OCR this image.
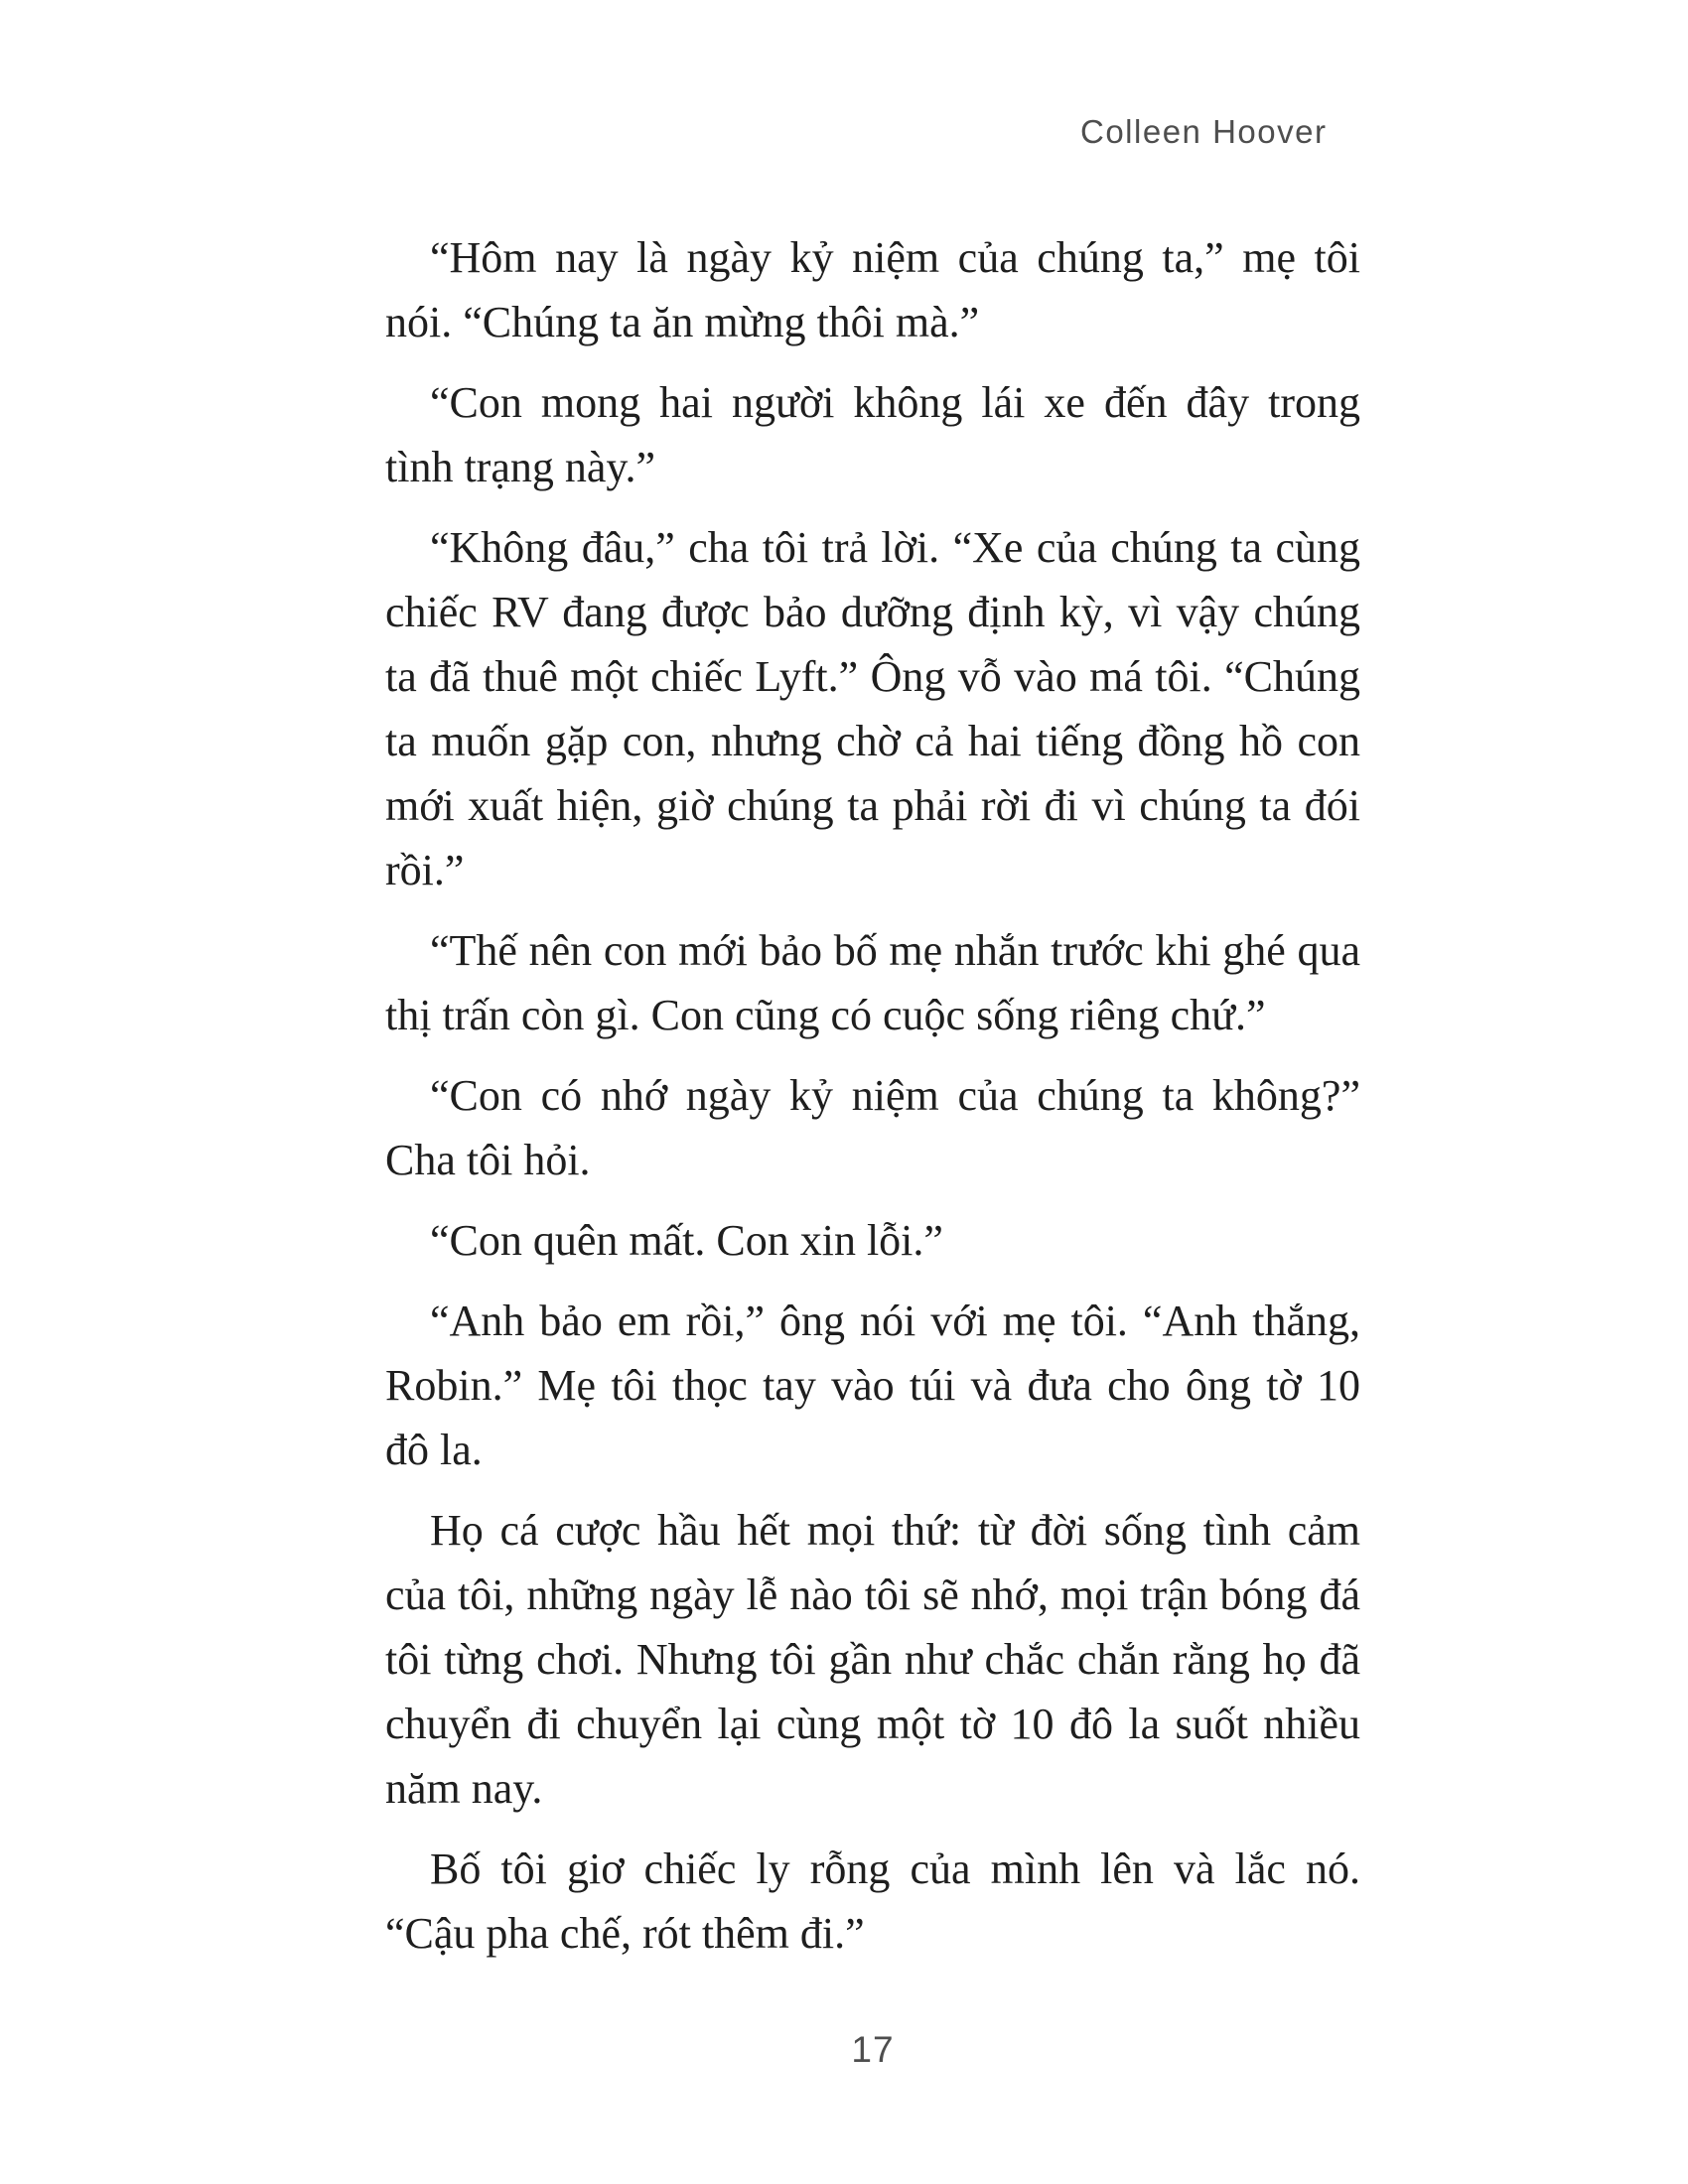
Colleen Hoover

“Hôm nay là ngày kỷ niệm của chúng ta,” mẹ tôi nói. “Chúng ta ăn mừng thôi mà.”

“Con mong hai người không lái xe đến đây trong tình trạng này.”

“Không đâu,” cha tôi trả lời. “Xe của chúng ta cùng chiếc RV đang được bảo dưỡng định kỳ, vì vậy chúng ta đã thuê một chiếc Lyft.” Ông vỗ vào má tôi. “Chúng ta muốn gặp con, nhưng chờ cả hai tiếng đồng hồ con mới xuất hiện, giờ chúng ta phải rời đi vì chúng ta đói rồi.”

“Thế nên con mới bảo bố mẹ nhắn trước khi ghé qua thị trấn còn gì. Con cũng có cuộc sống riêng chứ.”

“Con có nhớ ngày kỷ niệm của chúng ta không?” Cha tôi hỏi.

“Con quên mất. Con xin lỗi.”

“Anh bảo em rồi,” ông nói với mẹ tôi. “Anh thắng, Robin.” Mẹ tôi thọc tay vào túi và đưa cho ông tờ 10 đô la.

Họ cá cược hầu hết mọi thứ: từ đời sống tình cảm của tôi, những ngày lễ nào tôi sẽ nhớ, mọi trận bóng đá tôi từng chơi. Nhưng tôi gần như chắc chắn rằng họ đã chuyển đi chuyển lại cùng một tờ 10 đô la suốt nhiều năm nay.

Bố tôi giơ chiếc ly rỗng của mình lên và lắc nó. “Cậu pha chế, rót thêm đi.”

17
